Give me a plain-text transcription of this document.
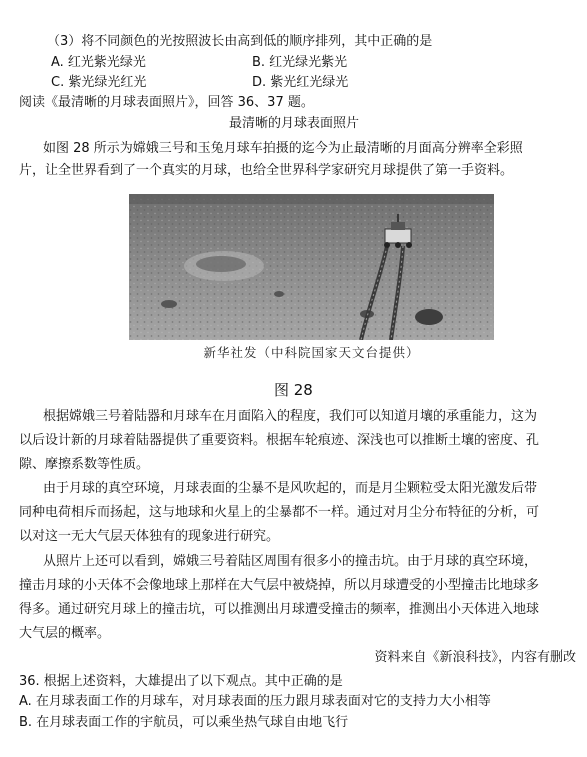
（3）将不同颜色的光按照波长由高到低的顺序排列，其中正确的是
A. 红光紫光绿光	B. 红光绿光紫光
C. 紫光绿光红光	D. 紫光红光绿光
阅读《最清晰的月球表面照片》，回答 36、37 题。
最清晰的月球表面照片
如图 28 所示为嫦娥三号和玉兔月球车拍摄的迄今为止最清晰的月面高分辨率全彩照
片，让全世界看到了一个真实的月球，也给全世界科学家研究月球提供了第一手资料。
新华社发（中科院国家天文台提供）
图 28
根据嫦娥三号着陆器和月球车在月面陷入的程度，我们可以知道月壤的承重能力，这为
以后设计新的月球着陆器提供了重要资料。根据车轮痕迹、深浅也可以推断土壤的密度、孔
隙、摩擦系数等性质。
由于月球的真空环境，月球表面的尘暴不是风吹起的，而是月尘颗粒受太阳光激发后带
同种电荷相斥而扬起，这与地球和火星上的尘暴都不一样。通过对月尘分布特征的分析，可
以对这一无大气层天体独有的现象进行研究。
从照片上还可以看到，嫦娥三号着陆区周围有很多小的撞击坑。由于月球的真空环境，
撞击月球的小天体不会像地球上那样在大气层中被烧掉，所以月球遭受的小型撞击比地球多
得多。通过研究月球上的撞击坑，可以推测出月球遭受撞击的频率，推测出小天体进入地球
大气层的概率。
资料来自《新浪科技》，内容有删改
36. 根据上述资料，大雄提出了以下观点。其中正确的是
A. 在月球表面工作的月球车，对月球表面的压力跟月球表面对它的支持力大小相等
B. 在月球表面工作的宇航员，可以乘坐热气球自由地飞行
